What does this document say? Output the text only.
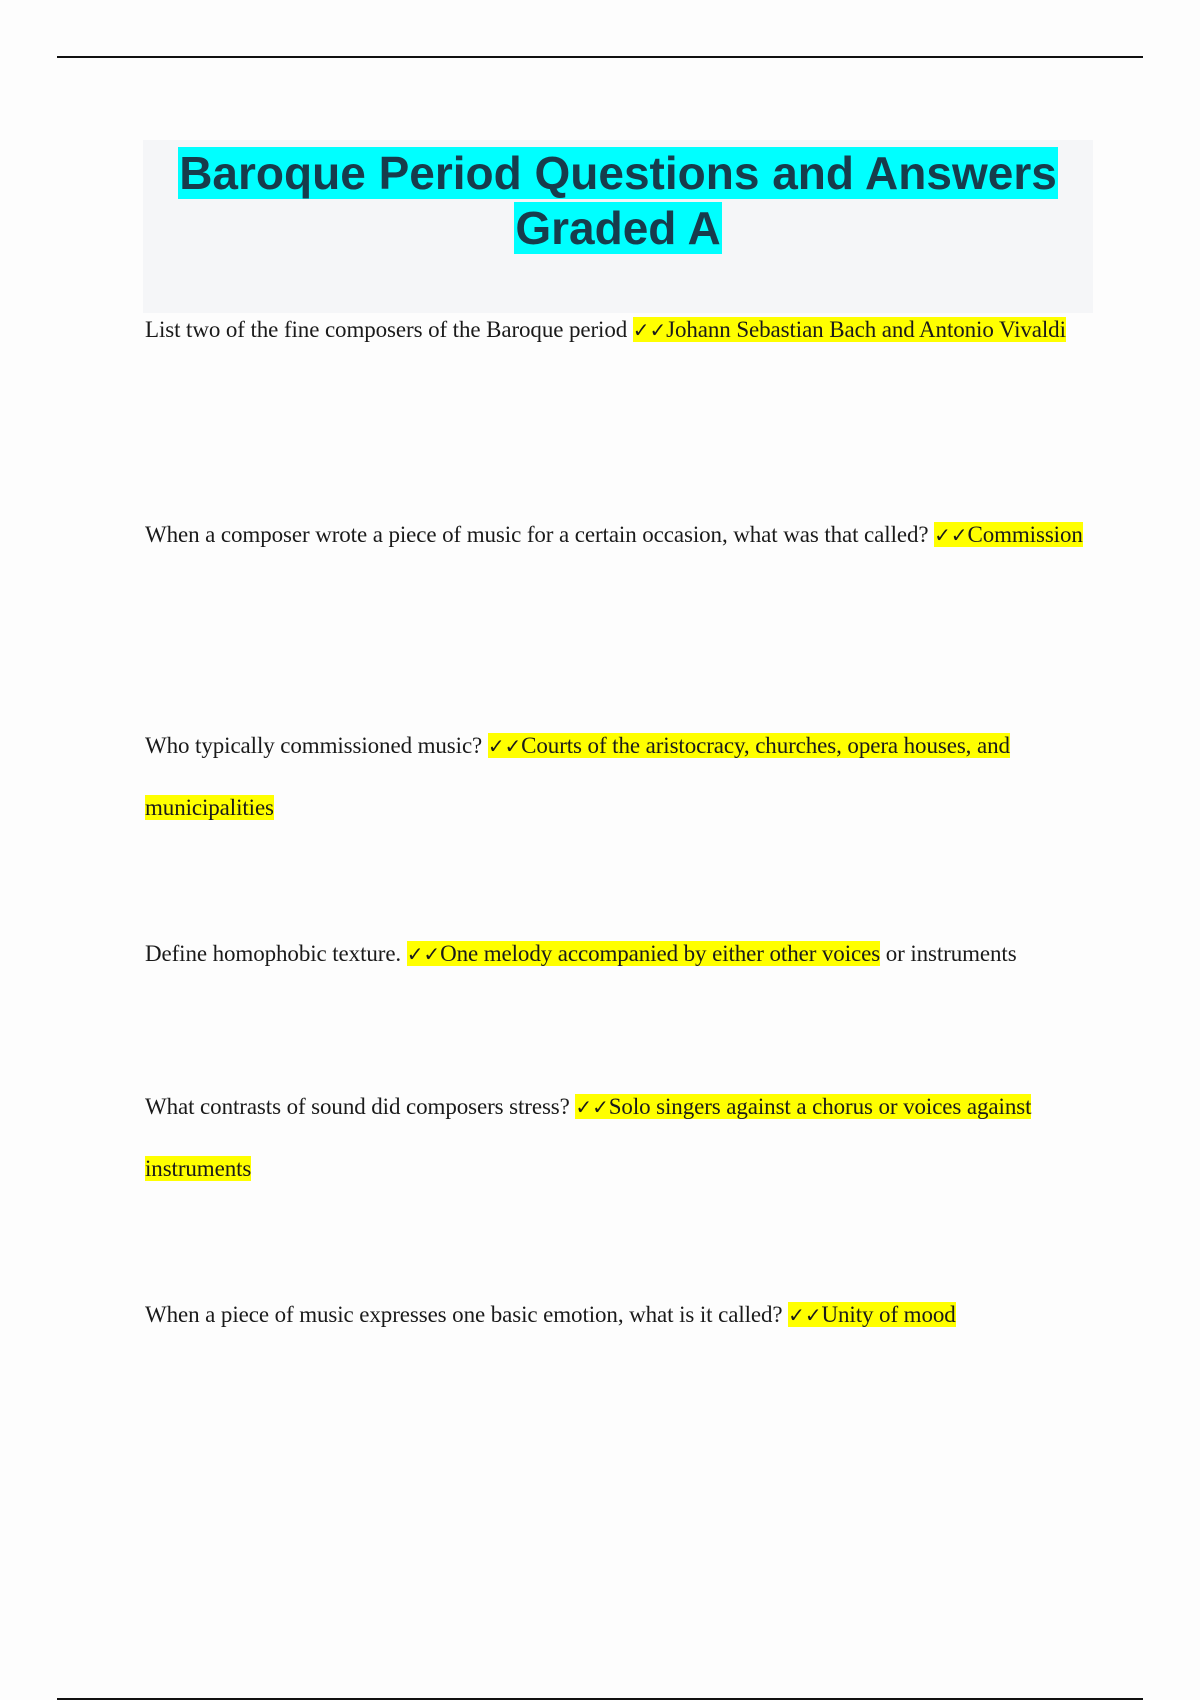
Baroque Period Questions and Answers Graded A

List two of the fine composers of the Baroque period ✓✓Johann Sebastian Bach and Antonio Vivaldi

When a composer wrote a piece of music for a certain occasion, what was that called? ✓✓Commission

Who typically commissioned music? ✓✓Courts of the aristocracy, churches, opera houses, and municipalities

Define homophobic texture. ✓✓One melody accompanied by either other voices or instruments

What contrasts of sound did composers stress? ✓✓Solo singers against a chorus or voices against instruments

When a piece of music expresses one basic emotion, what is it called? ✓✓Unity of mood
